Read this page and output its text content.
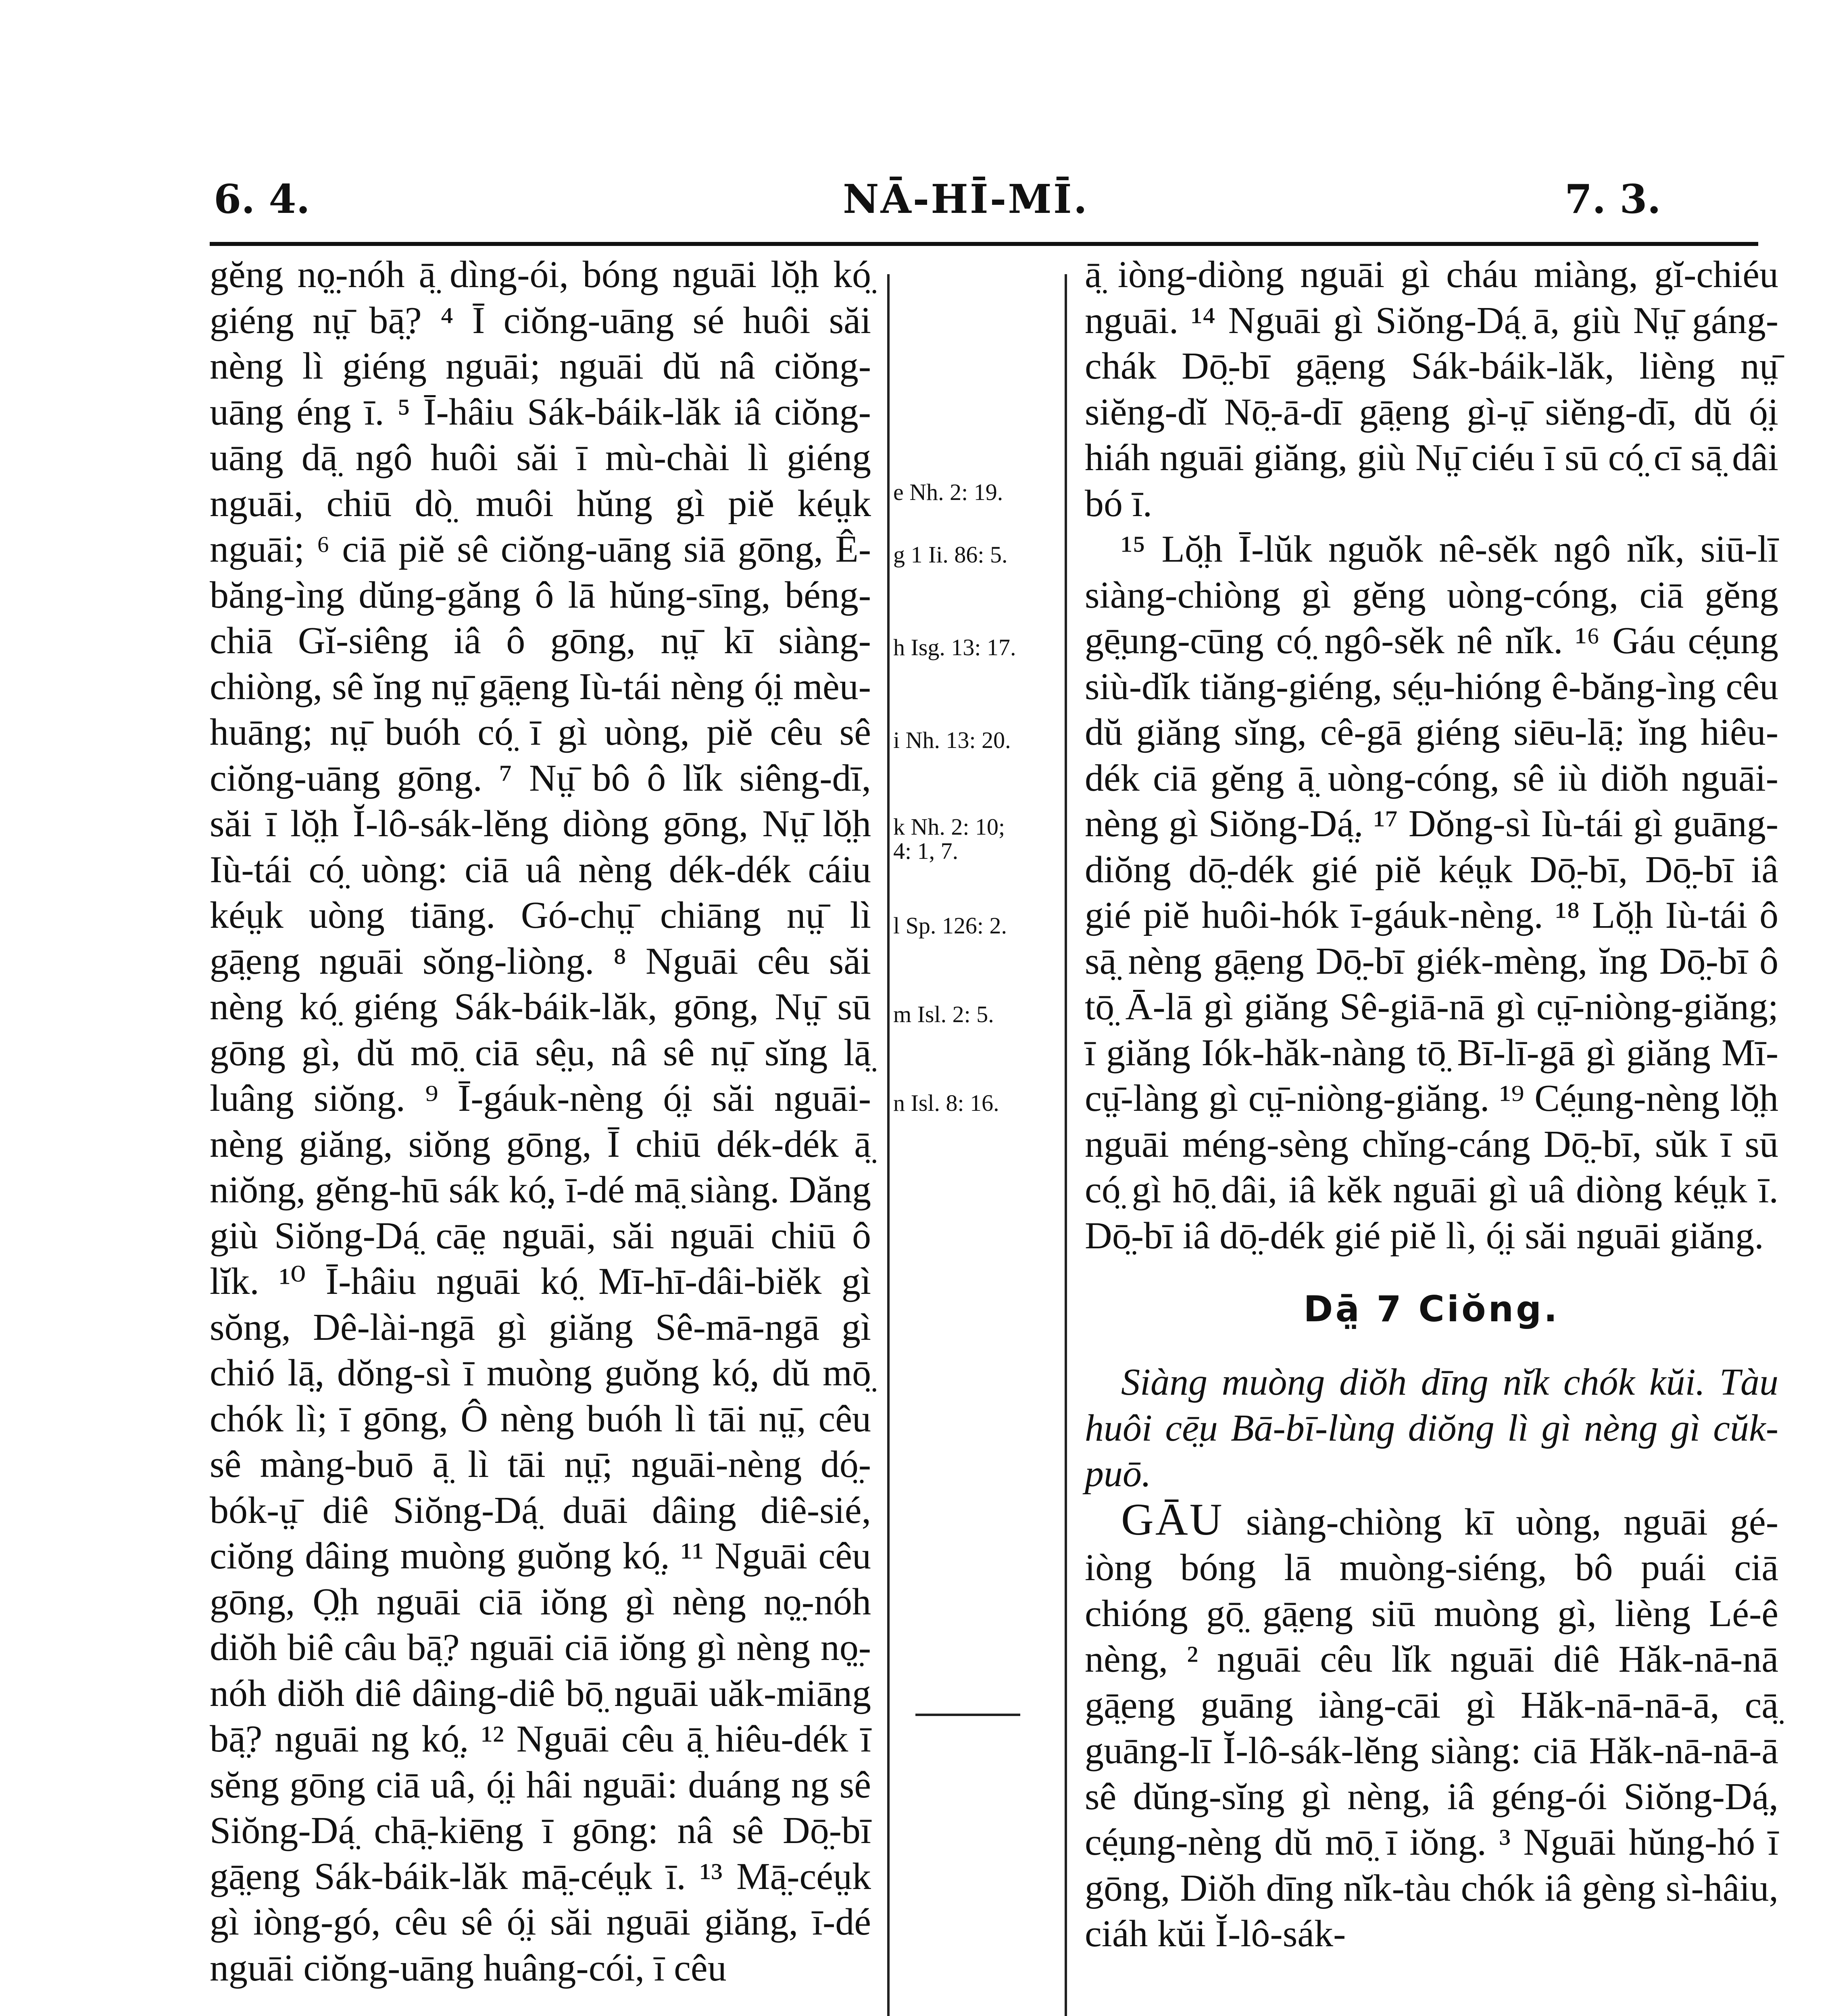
6. 4.	NĀ-HĪ-MĪ.	7. 3.

gĕng nọ̤-nóh ā̤ dìng-ói, bóng nguāi lŏ̤h kó̤ giéng nṳ̄ bā̤? ⁴ Ī ciŏng-uāng sé huôi săi nèng lì giéng nguāi; nguāi dŭ nâ ciŏng-uāng éng ī. ⁵ Ī-hâiu Sák-báik-lăk iâ ciŏng-uāng dā̤ ngô huôi săi ī mù-chài lì giéng nguāi, chiū dò̤ muôi hŭng gì piĕ kéṳk nguāi; ⁶ ciā piĕ sê ciŏng-uāng siā gōng, Ê-băng-ìng dŭng-găng ô lā hŭng-sīng, béng-chiā Gĭ-siêng iâ ô gōng, nṳ̄ kī siàng-chiòng, sê ĭng nṳ̄ gā̤eng Iù-tái nèng ó̤i mèu-huāng; nṳ̄ buóh có̤ ī gì uòng, piĕ cêu sê ciŏng-uāng gōng. ⁷ Nṳ̄ bô ô lĭk siêng-dī, săi ī lŏ̤h Ĭ-lô-sák-lĕng diòng gōng, Nṳ̄ lŏ̤h Iù-tái có̤ uòng: ciā uâ nèng dék-dék cáiu kéṳk uòng tiāng. Gó-chṳ̄ chiāng nṳ̄ lì gā̤eng nguāi sŏng-liòng. ⁸ Nguāi cêu săi nèng kó̤ giéng Sák-báik-lăk, gōng, Nṳ̄ sū gōng gì, dŭ mō̤ ciā sê̤u, nâ sê nṳ̄ sĭng lā̤ luâng siŏng. ⁹ Ī-gáuk-nèng ó̤i săi nguāi-nèng giăng, siŏng gōng, Ī chiū dék-dék ā̤ niŏng, gĕng-hū sák kó̤, ī-dé mā̤ siàng. Dăng giù Siŏng-Dá̤ cāe̤ nguāi, săi nguāi chiū ô lĭk. ¹⁰ Ī-hâiu nguāi kó̤ Mī-hī-dâi-biĕk gì sŏng, Dê-lài-ngā gì giăng Sê-mā-ngā gì chió lā̤, dŏng-sì ī muòng guŏng kó̤, dŭ mō̤ chók lì; ī gōng, Ô nèng buóh lì tāi nṳ̄, cêu sê màng-buō ā̤ lì tāi nṳ̄; nguāi-nèng dó̤-bók-ṳ̄ diê Siŏng-Dá̤ duāi dâing diê-sié, ciŏng dâing muòng guŏng kó̤. ¹¹ Nguāi cêu gōng, Ọ̤h nguāi ciā iŏng gì nèng nọ̤-nóh diŏh biê câu bā̤? nguāi ciā iŏng gì nèng nọ̤-nóh diŏh diê dâing-diê bō̤ nguāi uăk-miāng bā̤? nguāi ng kó̤. ¹² Nguāi cêu ā̤ hiêu-dék ī sĕng gōng ciā uâ, ó̤i hâi nguāi: duáng ng sê Siŏng-Dá̤ chā̤-kiēng ī gōng: nâ sê Dō̤-bī gā̤eng Sák-báik-lăk mā̤-céṳk ī. ¹³ Mā̤-céṳk gì iòng-gó, cêu sê ó̤i săi nguāi giăng, ī-dé nguāi ciŏng-uāng huâng-cói, ī cêu

e Nh. 2: 19.
g 1 Ii. 86: 5.
h Isg. 13: 17.
i Nh. 13: 20.
k Nh. 2: 10;
4: 1, 7.
l Sp. 126: 2.
m Isl. 2: 5.
n Isl. 8: 16.

ā̤ iòng-diòng nguāi gì cháu miàng, gĭ-chiéu nguāi. ¹⁴ Nguāi gì Siŏng-Dá̤ ā, giù Nṳ̄ gáng-chák Dō̤-bī gā̤eng Sák-báik-lăk, lièng nṳ̄ siĕng-dĭ Nō̤-ā-dī gā̤eng gì-ṳ̄ siĕng-dī, dŭ ó̤i hiáh nguāi giăng, giù Nṳ̄ ciéu ī sū có̤ cī sā̤ dâi bó ī.

¹⁵ Lŏ̤h Ī-lŭk nguŏk nê-sĕk ngô nĭk, siū-lī siàng-chiòng gì gĕng uòng-cóng, ciā gĕng gē̤ung-cūng có̤ ngô-sĕk nê nĭk. ¹⁶ Gáu cé̤ung siù-dĭk tiăng-giéng, sé̤u-hióng ê-băng-ìng cêu dŭ giăng sĭng, cê-gā giéng siēu-lā̤: ĭng hiêu-dék ciā gĕng ā̤ uòng-cóng, sê iù diŏh nguāi-nèng gì Siŏng-Dá̤. ¹⁷ Dŏng-sì Iù-tái gì guāng-diŏng dō̤-dék gié piĕ kéṳk Dō̤-bī, Dō̤-bī iâ gié piĕ huôi-hók ī-gáuk-nèng. ¹⁸ Lŏ̤h Iù-tái ô sā̤ nèng gā̤eng Dō̤-bī giék-mèng, ĭng Dō̤-bī ô tō̤ Ā-lā gì giăng Sê-giā-nā gì cṳ̄-niòng-giăng; ī giăng Iók-hăk-nàng tō̤ Bī-lī-gā gì giăng Mī-cṳ̄-làng gì cṳ̄-niòng-giăng. ¹⁹ Cé̤ung-nèng lŏ̤h nguāi méng-sèng chĭng-cáng Dō̤-bī, sŭk ī sū có̤ gì hō̤ dâi, iâ kĕk nguāi gì uâ diòng kéṳk ī. Dō̤-bī iâ dō̤-dék gié piĕ lì, ó̤i săi nguāi giăng.

Dā̤ 7 Ciŏng.

Siàng muòng diŏh dīng nĭk chók kŭi. Tàu huôi cē̤u Bā-bī-lùng diŏng lì gì nèng gì cŭk-puō.

GĀU siàng-chiòng kī uòng, nguāi gé-iòng bóng lā muòng-siéng, bô puái ciā chióng gō̤ gā̤eng siū muòng gì, lièng Lé-ê nèng, ² nguāi cêu lĭk nguāi diê Hăk-nā-nā gā̤eng guāng iàng-cāi gì Hăk-nā-nā-ā, cā̤ guāng-lī Ĭ-lô-sák-lĕng siàng: ciā Hăk-nā-nā-ā sê dŭng-sĭng gì nèng, iâ géng-ói Siŏng-Dá̤, cé̤ung-nèng dŭ mō̤ ī iŏng. ³ Nguāi hŭng-hó ī gōng, Diŏh dīng nĭk-tàu chók iâ gèng sì-hâiu, ciáh kŭi Ĭ-lô-sák-
